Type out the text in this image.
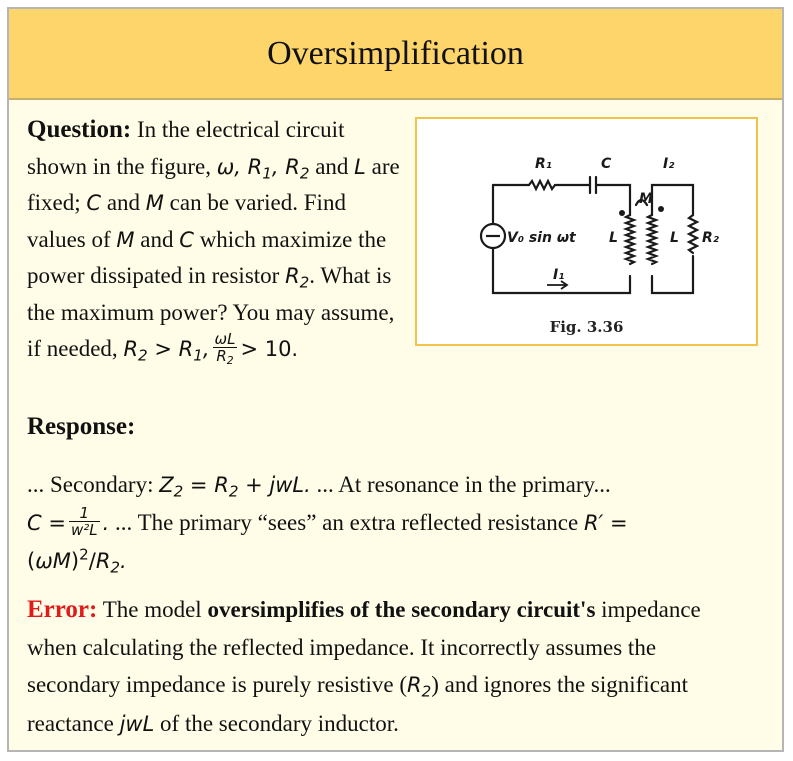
Oversimplification
Question: In the electrical circuit shown in the figure, ω, $R_1$, $R_2$ and L are fixed; C and M can be varied. Find values of M and C which maximize the power dissipated in resistor $R_2$. What is the maximum power? You may assume, if needed, $R_2 > R_1$, $\frac{\omega L}{R_2} > 10$.
R₁	C	I₂
M
V₀ sin ωt L	L R₂
I₁
Fig. 3.36
Response:
... Secondary: $Z_2 = R_2$ + jwL. ... At resonance in the primary...
$C = \frac{1}{\text{w²L}}$ . ... The primary “sees” an extra reflected resistance R′ =
$(\omega M)^2/R_2$.
Error: The model oversimplifies of the secondary circuit's impedance when calculating the reflected impedance. It incorrectly assumes the secondary impedance is purely resistive $(R_2)$ and ignores the significant reactance jwL of the secondary inductor.
